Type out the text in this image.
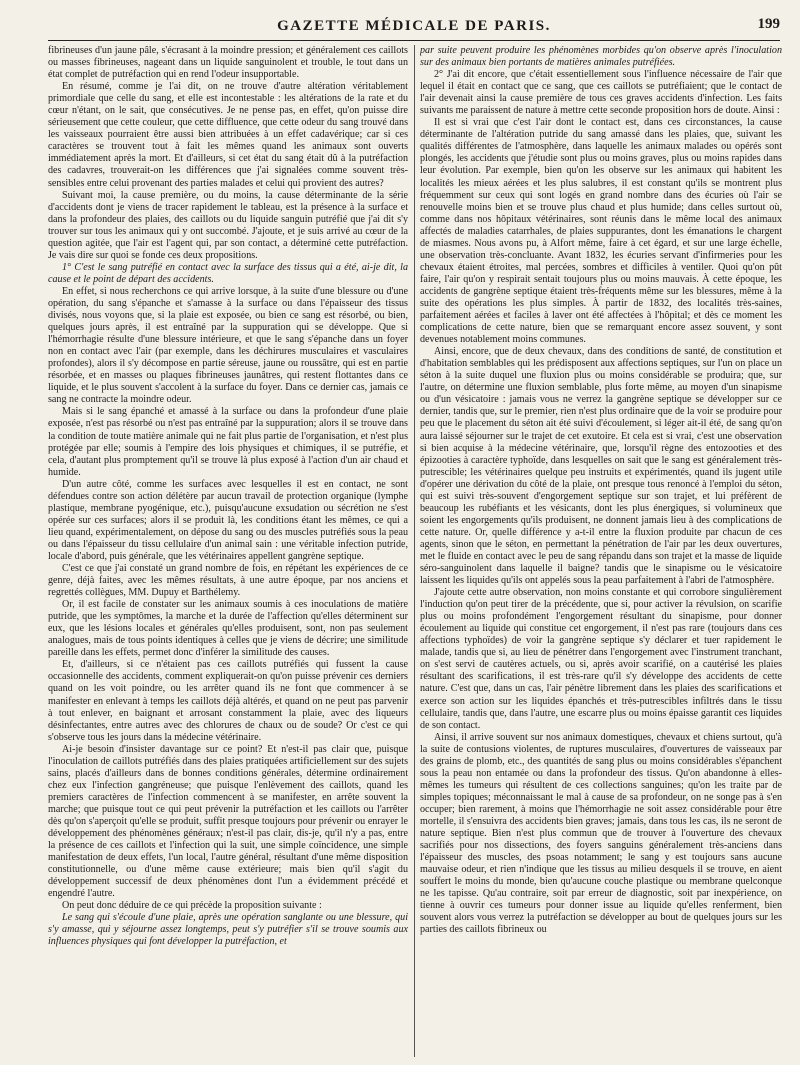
GAZETTE MÉDICALE DE PARIS.	199

fibrineuses d'un jaune pâle, s'écrasant à la moindre pression; et généralement ces caillots ou masses fibrineuses, nageant dans un liquide sanguinolent et trouble, le tout dans un état complet de putréfaction qui en rend l'odeur insupportable.

En résumé, comme je l'ai dit, on ne trouve d'autre altération véritablement primordiale que celle du sang, et elle est incontestable : les altérations de la rate et du cœur n'étant, on le sait, que consécutives. Je ne pense pas, en effet, qu'on puisse dire sérieusement que cette couleur, que cette diffluence, que cette odeur du sang trouvé dans les vaisseaux pourraient être aussi bien attribuées à un effet cadavérique; car si ces caractères se trouvent tout à fait les mêmes quand les animaux sont ouverts immédiatement après la mort. Et d'ailleurs, si cet état du sang était dû à la putréfaction des cadavres, trouverait-on les différences que j'ai signalées comme souvent très-sensibles entre celui provenant des parties malades et celui qui provient des autres?

Suivant moi, la cause première, ou du moins, la cause déterminante de la série d'accidents dont je viens de tracer rapidement le tableau, est la présence à la surface et dans la profondeur des plaies, des caillots ou du liquide sanguin putréfié que j'ai dit s'y trouver sur tous les animaux qui y ont succombé. J'ajoute, et je suis arrivé au cœur de la question agitée, que l'air est l'agent qui, par son contact, a déterminé cette putréfaction. Je vais dire sur quoi se fonde ces deux propositions.

1° C'est le sang putréfié en contact avec la surface des tissus qui a été, ai-je dit, la cause et le point de départ des accidents.

En effet, si nous recherchons ce qui arrive lorsque, à la suite d'une blessure ou d'une opération, du sang s'épanche et s'amasse à la surface ou dans l'épaisseur des tissus divisés, nous voyons que, si la plaie est exposée, ou bien ce sang est résorbé, ou bien, quelques jours après, il est entraîné par la suppuration qui se développe. Que si l'hémorrhagie résulte d'une blessure intérieure, et que le sang s'épanche dans un foyer non en contact avec l'air (par exemple, dans les déchirures musculaires et vasculaires profondes), alors il s'y décompose en partie séreuse, jaune ou roussâtre, qui est en partie résorbée, et en masses ou plaques fibrineuses jaunâtres, qui restent flottantes dans ce liquide, et le plus souvent s'accolent à la surface du foyer. Dans ce dernier cas, jamais ce sang ne contracte la moindre odeur.

Mais si le sang épanché et amassé à la surface ou dans la profondeur d'une plaie exposée, n'est pas résorbé ou n'est pas entraîné par la suppuration; alors il se trouve dans la condition de toute matière animale qui ne fait plus partie de l'organisation, et n'est plus protégée par elle; soumis à l'empire des lois physiques et chimiques, il se putréfie, et cela, d'autant plus promptement qu'il se trouve là plus exposé à l'action d'un air chaud et humide.

D'un autre côté, comme les surfaces avec lesquelles il est en contact, ne sont défendues contre son action délétère par aucun travail de protection organique (lymphe plastique, membrane pyogénique, etc.), puisqu'aucune exsudation ou sécrétion ne s'est opérée sur ces surfaces; alors il se produit là, les conditions étant les mêmes, ce qui a lieu quand, expérimentalement, on dépose du sang ou des muscles putréfiés sous la peau ou dans l'épaisseur du tissu cellulaire d'un animal sain : une véritable infection putride, locale d'abord, puis générale, que les vétérinaires appellent gangrène septique.

C'est ce que j'ai constaté un grand nombre de fois, en répétant les expériences de ce genre, déjà faites, avec les mêmes résultats, à une autre époque, par nos anciens et regrettés collègues, MM. Dupuy et Barthélemy.

Or, il est facile de constater sur les animaux soumis à ces inoculations de matière putride, que les symptômes, la marche et la durée de l'affection qu'elles déterminent sur eux, que les lésions locales et générales qu'elles produisent, sont, non pas seulement analogues, mais de tous points identiques à celles que je viens de décrire; une similitude pareille dans les effets, permet donc d'inférer la similitude des causes.

Et, d'ailleurs, si ce n'étaient pas ces caillots putréfiés qui fussent la cause occasionnelle des accidents, comment expliquerait-on qu'on puisse prévenir ces derniers quand on les voit poindre, ou les arrêter quand ils ne font que commencer à se manifester en enlevant à temps les caillots déjà altérés, et quand on ne peut pas parvenir à tout enlever, en baignant et arrosant constamment la plaie, avec des liqueurs désinfectantes, entre autres avec des chlorures de chaux ou de soude? Or c'est ce qui s'observe tous les jours dans la médecine vétérinaire.

Ai-je besoin d'insister davantage sur ce point? Et n'est-il pas clair que, puisque l'inoculation de caillots putréfiés dans des plaies pratiquées artificiellement sur des sujets sains, placés d'ailleurs dans de bonnes conditions générales, détermine ordinairement chez eux l'infection gangréneuse; que puisque l'enlèvement des caillots, quand les premiers caractères de l'infection commencent à se manifester, en arrête souvent la marche; que puisque tout ce qui peut prévenir la putréfaction et les caillots ou l'arrêter dès qu'on s'aperçoit qu'elle se produit, suffit presque toujours pour prévenir ou enrayer le développement des phénomènes généraux; n'est-il pas clair, dis-je, qu'il n'y a pas, entre la présence de ces caillots et l'infection qui la suit, une simple coïncidence, une simple manifestation de deux effets, l'un local, l'autre général, résultant d'une même disposition constitutionnelle, ou d'une même cause extérieure; mais bien qu'il s'agit du développement successif de deux phénomènes dont l'un a évidemment précédé et engendré l'autre.

On peut donc déduire de ce qui précède la proposition suivante :

Le sang qui s'écoule d'une plaie, après une opération sanglante ou une blessure, qui s'y amasse, qui y séjourne assez longtemps, peut s'y putréfier s'il se trouve soumis aux influences physiques qui font développer la putréfaction, et

par suite peuvent produire les phénomènes morbides qu'on observe après l'inoculation sur des animaux bien portants de matières animales putréfiées.

2° J'ai dit encore, que c'était essentiellement sous l'influence nécessaire de l'air que lequel il était en contact que ce sang, que ces caillots se putréfiaient; que le contact de l'air devenait ainsi la cause première de tous ces graves accidents d'infection. Les faits suivants me paraissent de nature à mettre cette seconde proposition hors de doute. Ainsi :

Il est si vrai que c'est l'air dont le contact est, dans ces circonstances, la cause déterminante de l'altération putride du sang amassé dans les plaies, que, suivant les qualités différentes de l'atmosphère, dans laquelle les animaux malades ou opérés sont plongés, les accidents que j'étudie sont plus ou moins graves, plus ou moins rapides dans leur évolution. Par exemple, bien qu'on les observe sur les animaux qui habitent les localités les mieux aérées et les plus salubres, il est constant qu'ils se montrent plus fréquemment sur ceux qui sont logés en grand nombre dans des écuries où l'air se renouvelle moins bien et se trouve plus chaud et plus humide; dans celles surtout où, comme dans nos hôpitaux vétérinaires, sont réunis dans le même local des animaux affectés de maladies catarrhales, de plaies suppurantes, dont les émanations le chargent de miasmes. Nous avons pu, à Alfort même, faire à cet égard, et sur une large échelle, une observation très-concluante. Avant 1832, les écuries servant d'infirmeries pour les chevaux étaient étroites, mal percées, sombres et difficiles à ventiler. Quoi qu'on pût faire, l'air qu'on y respirait sentait toujours plus ou moins mauvais. À cette époque, les accidents de gangrène septique étaient très-fréquents même sur les blessures, même à la suite des opérations les plus simples. À partir de 1832, des localités très-saines, parfaitement aérées et faciles à laver ont été affectées à l'hôpital; et dès ce moment les complications de cette nature, bien que se remarquant encore assez souvent, y sont devenues notablement moins communes.

Ainsi, encore, que de deux chevaux, dans des conditions de santé, de constitution et d'habitation semblables qui les prédisposent aux affections septiques, sur l'un on place un séton à la suite duquel une fluxion plus ou moins considérable se produira; que, sur l'autre, on détermine une fluxion semblable, plus forte même, au moyen d'un sinapisme ou d'un vésicatoire : jamais vous ne verrez la gangrène septique se développer sur ce dernier, tandis que, sur le premier, rien n'est plus ordinaire que de la voir se produire pour peu que le placement du séton ait été suivi d'écoulement, si léger ait-il été, de sang qu'on aura laissé séjourner sur le trajet de cet exutoire. Et cela est si vrai, c'est une observation si bien acquise à la médecine vétérinaire, que, lorsqu'il règne des entozooties et des épizooties à caractère typhoïde, dans lesquelles on sait que le sang est généralement très-putrescible; les vétérinaires quelque peu instruits et expérimentés, quand ils jugent utile d'opérer une dérivation du côté de la plaie, ont presque tous renoncé à l'emploi du séton, qui est suivi très-souvent d'engorgement septique sur son trajet, et lui préfèrent de beaucoup les rubéfiants et les vésicants, dont les plus énergiques, si volumineux que soient les engorgements qu'ils produisent, ne donnent jamais lieu à des complications de cette nature. Or, quelle différence y a-t-il entre la fluxion produite par chacun de ces agents, sinon que le séton, en permettant la pénétration de l'air par les deux ouvertures, met le fluide en contact avec le peu de sang répandu dans son trajet et la masse de liquide séro-sanguinolent dans laquelle il baigne? tandis que le sinapisme ou le vésicatoire laissent les liquides qu'ils ont appelés sous la peau parfaitement à l'abri de l'atmosphère.

J'ajoute cette autre observation, non moins constante et qui corrobore singulièrement l'induction qu'on peut tirer de la précédente, que si, pour activer la révulsion, on scarifie plus ou moins profondément l'engorgement résultant du sinapisme, pour donner écoulement au liquide qui constitue cet engorgement, il n'est pas rare (toujours dans ces affections typhoïdes) de voir la gangrène septique s'y déclarer et tuer rapidement le malade, tandis que si, au lieu de pénétrer dans l'engorgement avec l'instrument tranchant, on s'est servi de cautères actuels, ou si, après avoir scarifié, on a cautérisé les plaies résultant des scarifications, il est très-rare qu'il s'y développe des accidents de cette nature. C'est que, dans un cas, l'air pénètre librement dans les plaies des scarifications et exerce son action sur les liquides épanchés et très-putrescibles infiltrés dans le tissu cellulaire, tandis que, dans l'autre, une escarre plus ou moins épaisse garantit ces liquides de son contact.

Ainsi, il arrive souvent sur nos animaux domestiques, chevaux et chiens surtout, qu'à la suite de contusions violentes, de ruptures musculaires, d'ouvertures de vaisseaux par des grains de plomb, etc., des quantités de sang plus ou moins considérables s'épanchent sous la peau non entamée ou dans la profondeur des tissus. Qu'on abandonne à elles-mêmes les tumeurs qui résultent de ces collections sanguines; qu'on les traite par de simples topiques; méconnaissant le mal à cause de sa profondeur, on ne songe pas à s'en occuper; bien rarement, à moins que l'hémorrhagie ne soit assez considérable pour être mortelle, il s'ensuivra des accidents bien graves; jamais, dans tous les cas, ils ne seront de nature septique. Bien n'est plus commun que de trouver à l'ouverture des chevaux sacrifiés pour nos dissections, des foyers sanguins généralement très-anciens dans l'épaisseur des muscles, des psoas notamment; le sang y est toujours sans aucune mauvaise odeur, et rien n'indique que les tissus au milieu desquels il se trouve, en aient souffert le moins du monde, bien qu'aucune couche plastique ou membrane quelconque ne les tapisse. Qu'au contraire, soit par erreur de diagnostic, soit par inexpérience, on tienne à ouvrir ces tumeurs pour donner issue au liquide qu'elles renferment, bien souvent alors vous verrez la putréfaction se développer au bout de quelques jours sur les parties des caillots fibrineux ou
